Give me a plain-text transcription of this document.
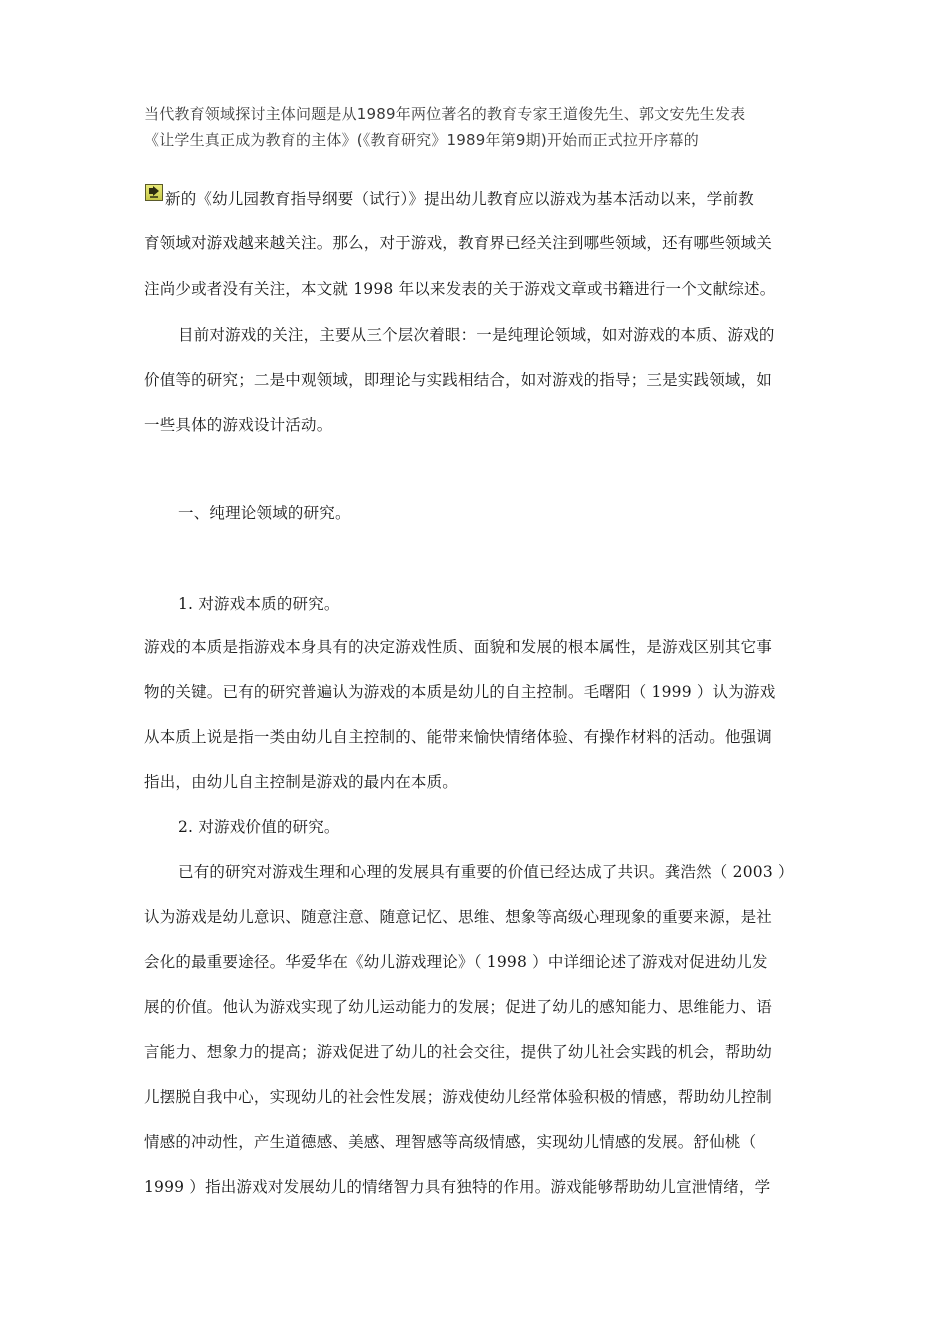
当代教育领域探讨主体问题是从1989年两位著名的教育专家王道俊先生、郭文安先生发表
《让学生真正成为教育的主体》(《教育研究》1989年第9期)开始而正式拉开序幕的
新的《幼儿园教育指导纲要（试行）》提出幼儿教育应以游戏为基本活动以来，学前教
育领域对游戏越来越关注。那么，对于游戏，教育界已经关注到哪些领域，还有哪些领域关
注尚少或者没有关注，本文就 1998 年以来发表的关于游戏文章或书籍进行一个文献综述。
目前对游戏的关注，主要从三个层次着眼：一是纯理论领域，如对游戏的本质、游戏的
价值等的研究；二是中观领域，即理论与实践相结合，如对游戏的指导；三是实践领域，如
一些具体的游戏设计活动。
一、纯理论领域的研究。
1. 对游戏本质的研究。
游戏的本质是指游戏本身具有的决定游戏性质、面貌和发展的根本属性，是游戏区别其它事
物的关键。已有的研究普遍认为游戏的本质是幼儿的自主控制。毛曙阳（ 1999 ）认为游戏
从本质上说是指一类由幼儿自主控制的、能带来愉快情绪体验、有操作材料的活动。他强调
指出，由幼儿自主控制是游戏的最内在本质。
2. 对游戏价值的研究。
已有的研究对游戏生理和心理的发展具有重要的价值已经达成了共识。龚浩然（ 2003 ）
认为游戏是幼儿意识、随意注意、随意记忆、思维、想象等高级心理现象的重要来源，是社
会化的最重要途径。华爱华在《幼儿游戏理论》（ 1998 ）中详细论述了游戏对促进幼儿发
展的价值。他认为游戏实现了幼儿运动能力的发展；促进了幼儿的感知能力、思维能力、语
言能力、想象力的提高；游戏促进了幼儿的社会交往，提供了幼儿社会实践的机会，帮助幼
儿摆脱自我中心，实现幼儿的社会性发展；游戏使幼儿经常体验积极的情感，帮助幼儿控制
情感的冲动性，产生道德感、美感、理智感等高级情感，实现幼儿情感的发展。舒仙桃（
1999 ）指出游戏对发展幼儿的情绪智力具有独特的作用。游戏能够帮助幼儿宣泄情绪，学
